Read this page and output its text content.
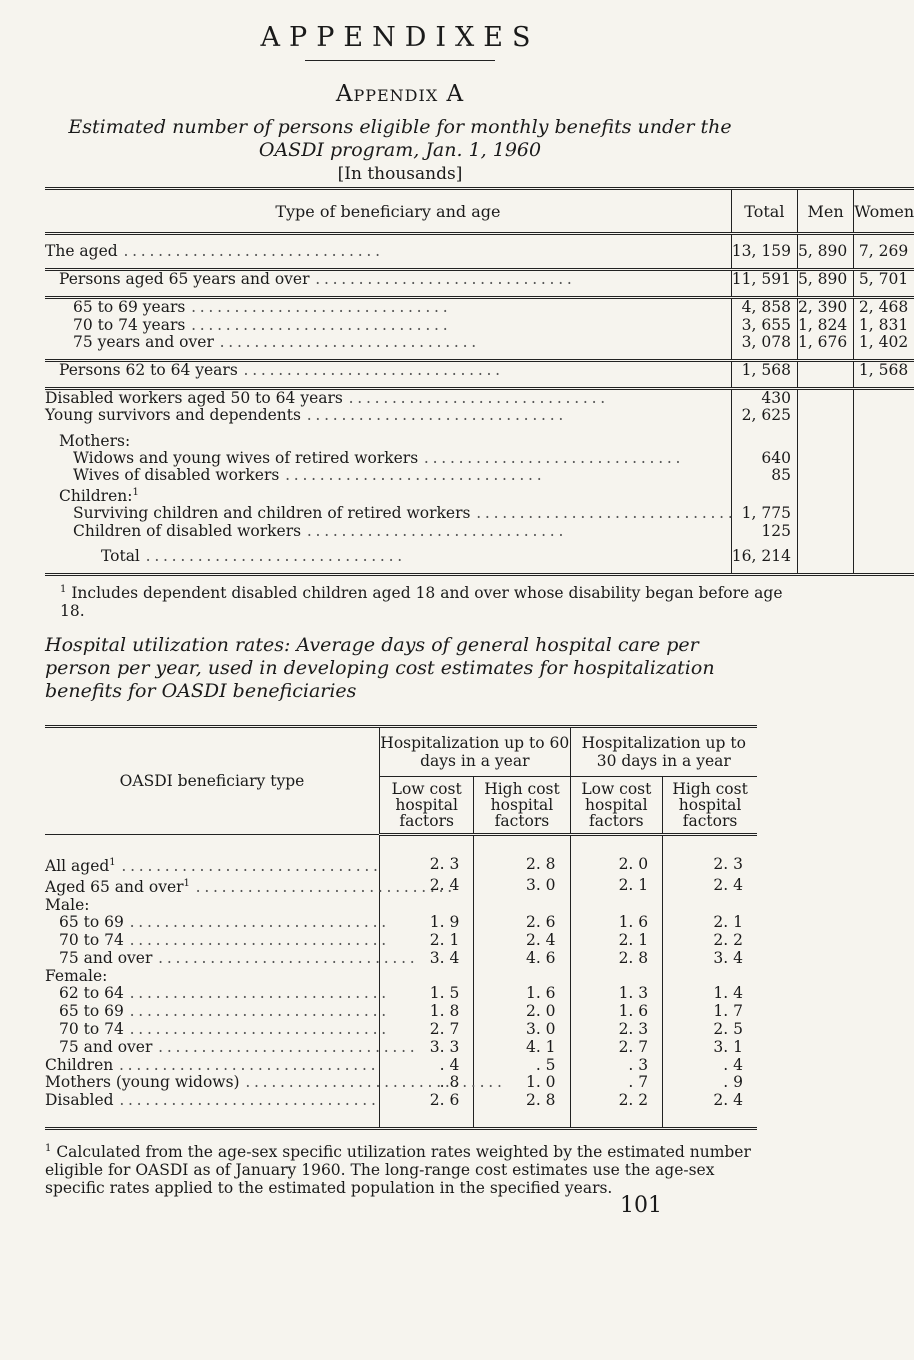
APPENDIXES
Appendix A
Estimated number of persons eligible for monthly benefits under the OASDI program, Jan. 1, 1960
[In thousands]
Type of beneficiary and age	Total	Men	Women

The aged . . .	13, 159	5, 890	7, 269

Persons aged 65 years and over . . .	11, 591	5, 890	5, 701

65 to 69 years . . .	4, 858	2, 390	2, 468
70 to 74 years . . .	3, 655	1, 824	1, 831
75 years and over . . .	3, 078	1, 676	1, 402

Persons 62 to 64 years . . .	1, 568		1, 568

Disabled workers aged 50 to 64 years . . .	430		
Young survivors and dependents . . .	2, 625		

Mothers:			
Widows and young wives of retired workers . . .	640		
Wives of disabled workers . . .	85		
Children:$^1$			
Surviving children and children of retired workers . . .	1, 775		
Children of disabled workers . . .	125		

Total . . .	16, 214		

$^1$ Includes dependent disabled children aged 18 and over whose disability began before age 18.
Hospital utilization rates: Average days of general hospital care per person per year, used in developing cost estimates for hospitalization benefits for OASDI beneficiaries
OASDI beneficiary type	Hospitalization up to 60 days in a year		Hospitalization up to 30 days in a year	
	Low cost hospital factors	High cost hospital factors	Low cost hospital factors	High cost hospital factors

All aged$^1$ . . .	2. 3	2. 8	2. 0	2. 3
Aged 65 and over$^1$ . . .	2. 4	3. 0	2. 1	2. 4
Male:				
65 to 69 . . .	1. 9	2. 6	1. 6	2. 1
70 to 74 . . .	2. 1	2. 4	2. 1	2. 2
75 and over . . .	3. 4	4. 6	2. 8	3. 4
Female:				
62 to 64 . . .	1. 5	1. 6	1. 3	1. 4
65 to 69 . . .	1. 8	2. 0	1. 6	1. 7
70 to 74 . . .	2. 7	3. 0	2. 3	2. 5
75 and over . . .	3. 3	4. 1	2. 7	3. 1
Children . . .	. 4	. 5	. 3	. 4
Mothers (young widows) . . .	. 8	1. 0	. 7	. 9
Disabled . . .	2. 6	2. 8	2. 2	2. 4

$^1$ Calculated from the age-sex specific utilization rates weighted by the estimated number eligible for OASDI as of January 1960. The long-range cost estimates use the age-sex specific rates applied to the estimated population in the specified years.
101
